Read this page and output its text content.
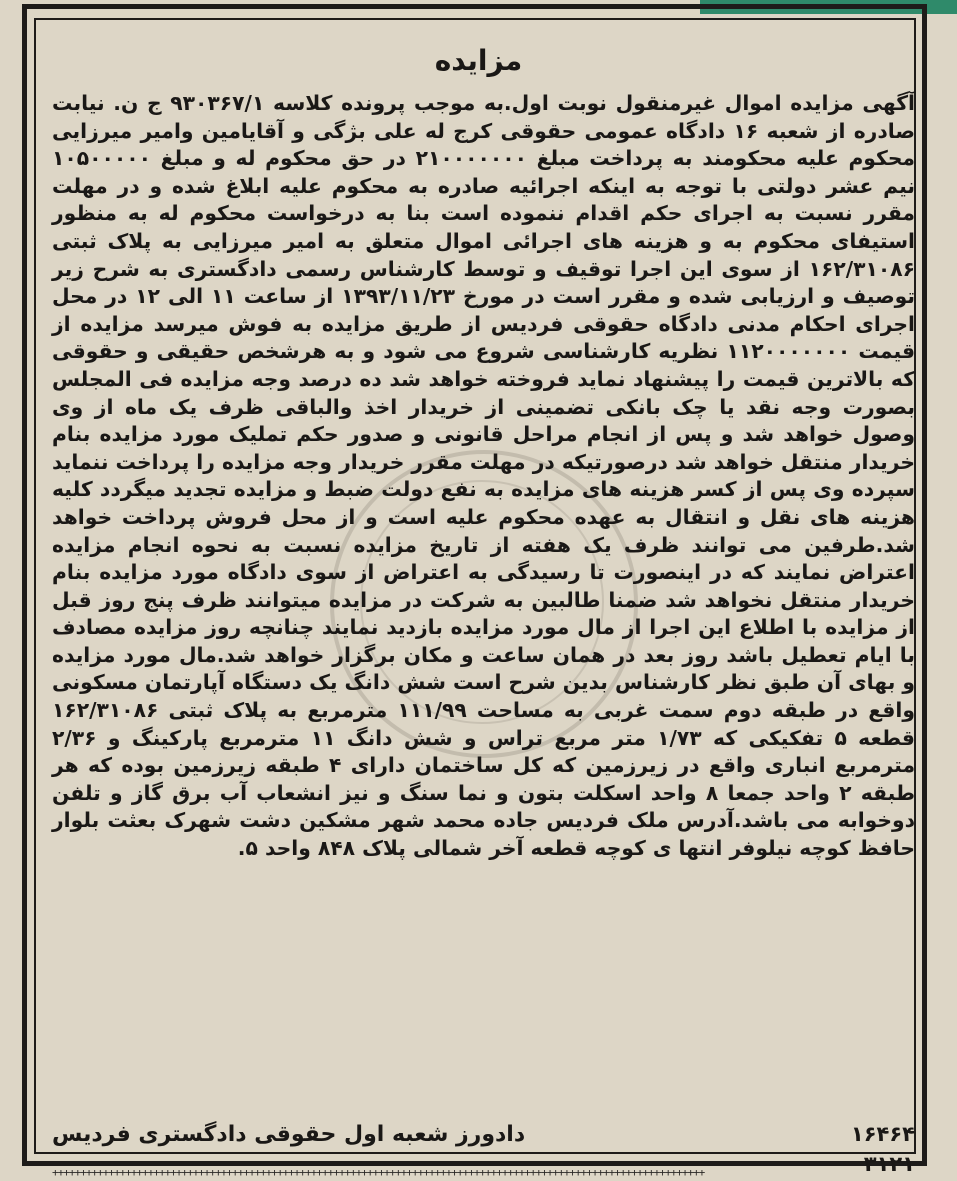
مزایده
آگهی مزایده اموال غیرمنقول نوبت اول.به موجب پرونده کلاسه ۹۳۰۳۶۷/۱ ج ن. نیابت صادره از شعبه ۱۶ دادگاه عمومی حقوقی کرج له علی بژگی و آقایامین وامیر میرزایی محکوم علیه محکومند به پرداخت مبلغ ۲۱۰۰۰۰۰۰۰ در حق محکوم له و مبلغ ۱۰۵۰۰۰۰۰ نیم عشر دولتی با توجه به اینکه اجرائیه صادره به محکوم علیه ابلاغ شده و در مهلت مقرر نسبت به اجرای حکم اقدام ننموده است بنا به درخواست محکوم له به منظور استیفای محکوم به و هزینه های اجرائی اموال متعلق به امیر میرزایی به پلاک ثبتی ۱۶۲/۳۱۰۸۶ از سوی این اجرا توقیف و توسط کارشناس رسمی دادگستری به شرح زیر توصیف و ارزیابی شده و مقرر است در مورخ ۱۳۹۳/۱۱/۲۳ از ساعت ۱۱ الی ۱۲ در محل اجرای احکام مدنی دادگاه حقوقی فردیس از طریق مزایده به فوش میرسد مزایده از قیمت ۱۱۲۰۰۰۰۰۰۰ نظریه کارشناسی شروع می شود و به هرشخص حقیقی و حقوقی که بالاترین قیمت را پیشنهاد نماید فروخته خواهد شد ده درصد وجه مزایده فی المجلس بصورت وجه نقد یا چک بانکی تضمینی از خریدار اخذ والباقی ظرف یک ماه از وی وصول خواهد شد و پس از انجام مراحل قانونی و صدور حکم تملیک مورد مزایده بنام خریدار منتقل خواهد شد درصورتیکه در مهلت مقرر خریدار وجه مزایده را پرداخت ننماید سپرده وی پس از کسر هزینه های مزایده به نفع دولت ضبط و مزایده تجدید میگردد کلیه هزینه های نقل و انتقال به عهده محکوم علیه است و از محل فروش پرداخت خواهد شد.طرفین می توانند ظرف یک هفته از تاریخ مزایده نسبت به نحوه انجام مزایده اعتراض نمایند که در اینصورت تا رسیدگی به اعتراض از سوی دادگاه مورد مزایده بنام خریدار منتقل نخواهد شد ضمنا طالبین به شرکت در مزایده میتوانند ظرف پنج روز قبل از مزایده با اطلاع این اجرا از مال مورد مزایده بازدید نمایند چنانچه روز مزایده مصادف با ایام تعطیل باشد روز بعد در همان ساعت و مکان برگزار خواهد شد.مال مورد مزایده و بهای آن طبق نظر کارشناس بدین شرح است شش دانگ یک دستگاه آپارتمان مسکونی واقع در طبقه دوم سمت غربی به مساحت ۱۱۱/۹۹ مترمربع به پلاک ثبتی ۱۶۲/۳۱۰۸۶ قطعه ۵ تفکیکی که ۱/۷۳ متر مربع تراس و شش دانگ ۱۱ مترمربع پارکینگ و ۲/۳۶ مترمربع انباری واقع در زیرزمین که کل ساختمان دارای ۴ طبقه زیرزمین بوده که هر طبقه ۲ واحد جمعا ۸ واحد اسکلت بتون و نما سنگ و نیز انشعاب آب برق گاز و تلفن دوخوابه می باشد.آدرس ملک فردیس جاده محمد شهر مشکین دشت شهرک بعثت بلوار حافظ کوچه نیلوفر انتها ی کوچه قطعه آخر شمالی پلاک ۸۴۸ واحد ۵.
۱۶۴۶۴
دادورز شعبه اول حقوقی دادگستری فردیس
۳۱۲۱
++++++++++++++++++++++++++++++++++++++++++++++++++++++++++++++++++++++++++++++++++++++++++++++++++++++++++++++++++++
